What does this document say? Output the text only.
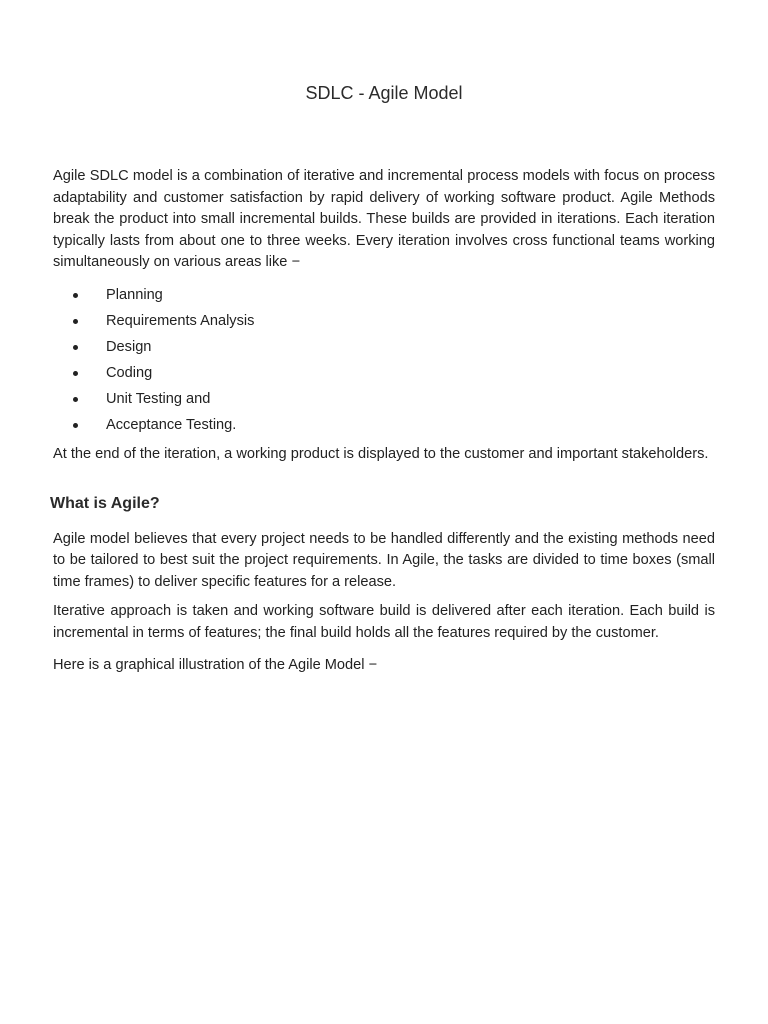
SDLC - Agile Model

Agile SDLC model is a combination of iterative and incremental process models with focus on process adaptability and customer satisfaction by rapid delivery of working software product. Agile Methods break the product into small incremental builds. These builds are provided in iterations. Each iteration typically lasts from about one to three weeks. Every iteration involves cross functional teams working simultaneously on various areas like −

Planning
Requirements Analysis
Design
Coding
Unit Testing and
Acceptance Testing.

At the end of the iteration, a working product is displayed to the customer and important stakeholders.

What is Agile?

Agile model believes that every project needs to be handled differently and the existing methods need to be tailored to best suit the project requirements. In Agile, the tasks are divided to time boxes (small time frames) to deliver specific features for a release.

Iterative approach is taken and working software build is delivered after each iteration. Each build is incremental in terms of features; the final build holds all the features required by the customer.

Here is a graphical illustration of the Agile Model −
